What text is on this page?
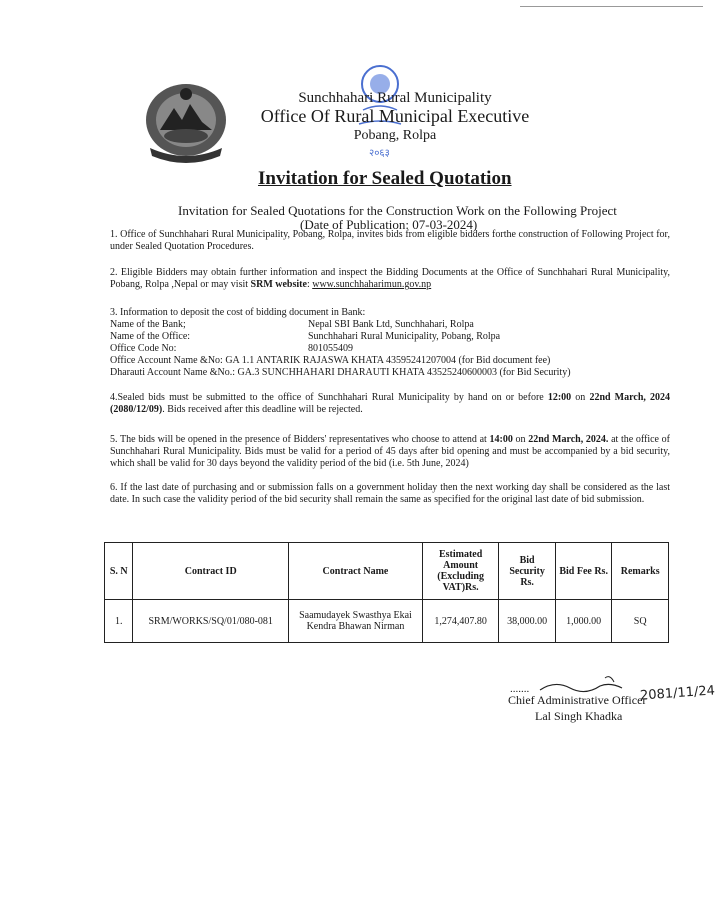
२०६३
Sunchhahari Rural Municipality
Office Of Rural Municipal Executive
Pobang, Rolpa
Invitation for Sealed Quotation
Invitation for Sealed Quotations for the Construction Work on the Following Project
(Date of Publication: 07-03-2024)
1. Office of Sunchhahari Rural Municipality, Pobang, Rolpa, invites bids from eligible bidders forthe construction of Following Project for, under Sealed Quotation Procedures.
2. Eligible Bidders may obtain further information and inspect the Bidding Documents at the Office of Sunchhahari Rural Municipality, Pobang, Rolpa ,Nepal or may visit SRM website: www.sunchhaharimun.gov.np
3. Information to deposit the cost of bidding document in Bank:
Name of the Bank;	Nepal SBI Bank Ltd, Sunchhahari, Rolpa
Name of the Office:	Sunchhahari Rural Municipality, Pobang, Rolpa
Office Code No:	801055409
Office Account Name &No: GA 1.1 ANTARIK RAJASWA KHATA 43595241207004 (for Bid document fee)
Dharauti Account Name &No.: GA.3 SUNCHHAHARI DHARAUTI KHATA 43525240600003 (for Bid Security)
4.Sealed bids must be submitted to the office of Sunchhahari Rural Municipality by hand on or before 12:00 on 22nd March, 2024 (2080/12/09). Bids received after this deadline will be rejected.
5. The bids will be opened in the presence of Bidders' representatives who choose to attend at 14:00 on 22nd March, 2024. at the office of Sunchhahari Rural Municipality. Bids must be valid for a period of 45 days after bid opening and must be accompanied by a bid security, which shall be valid for 30 days beyond the validity period of the bid (i.e. 5th June, 2024)
6. If the last date of purchasing and or submission falls on a government holiday then the next working day shall be considered as the last date. In such case the validity period of the bid security shall remain the same as specified for the original last date of bid submission.
S. N	Contract ID	Contract Name	Estimated Amount (Excluding VAT)Rs.	Bid Security Rs.	Bid Fee Rs.	Remarks
1.	SRM/WORKS/SQ/01/080-081	Saamudayek Swasthya Ekai Kendra Bhawan Nirman	1,274,407.80	38,000.00	1,000.00	SQ
.......
Chief Administrative Officer
Lal Singh Khadka
2081/11/24
